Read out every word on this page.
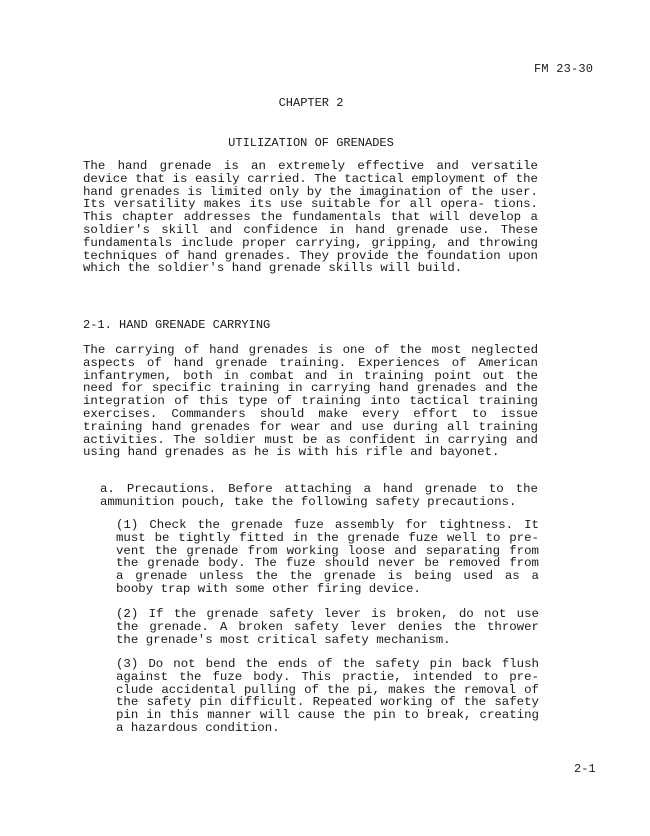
FM 23-30
CHAPTER 2
UTILIZATION OF GRENADES

The hand grenade is an extremely effective and versatile device that is easily carried. The tactical employment of the hand grenades is limited only by the imagination of the user. Its versatility makes its use suitable for all opera- tions. This chapter addresses the fundamentals that will develop a soldier's skill and confidence in hand grenade use. These fundamentals include proper carrying, gripping, and throwing techniques of hand grenades. They provide the foundation upon which the soldier's hand grenade skills will build.

2-1. HAND GRENADE CARRYING

The carrying of hand grenades is one of the most neglected aspects of hand grenade training. Experiences of American infantrymen, both in combat and in training point out the need for specific training in carrying hand grenades and the integration of this type of training into tactical training exercises. Commanders should make every effort to issue training hand grenades for wear and use during all training activities. The soldier must be as confident in carrying and using hand grenades as he is with his rifle and bayonet.

a. Precautions. Before attaching a hand grenade to the ammunition pouch, take the following safety precautions.

(1) Check the grenade fuze assembly for tightness. It must be tightly fitted in the grenade fuze well to pre- vent the grenade from working loose and separating from the grenade body. The fuze should never be removed from a grenade unless the the grenade is being used as a booby trap with some other firing device.

(2) If the grenade safety lever is broken, do not use the grenade. A broken safety lever denies the thrower the grenade's most critical safety mechanism.

(3) Do not bend the ends of the safety pin back flush against the fuze body. This practie, intended to pre- clude accidental pulling of the pi, makes the removal of the safety pin difficult. Repeated working of the safety pin in this manner will cause the pin to break, creating a hazardous condition.

2-1
